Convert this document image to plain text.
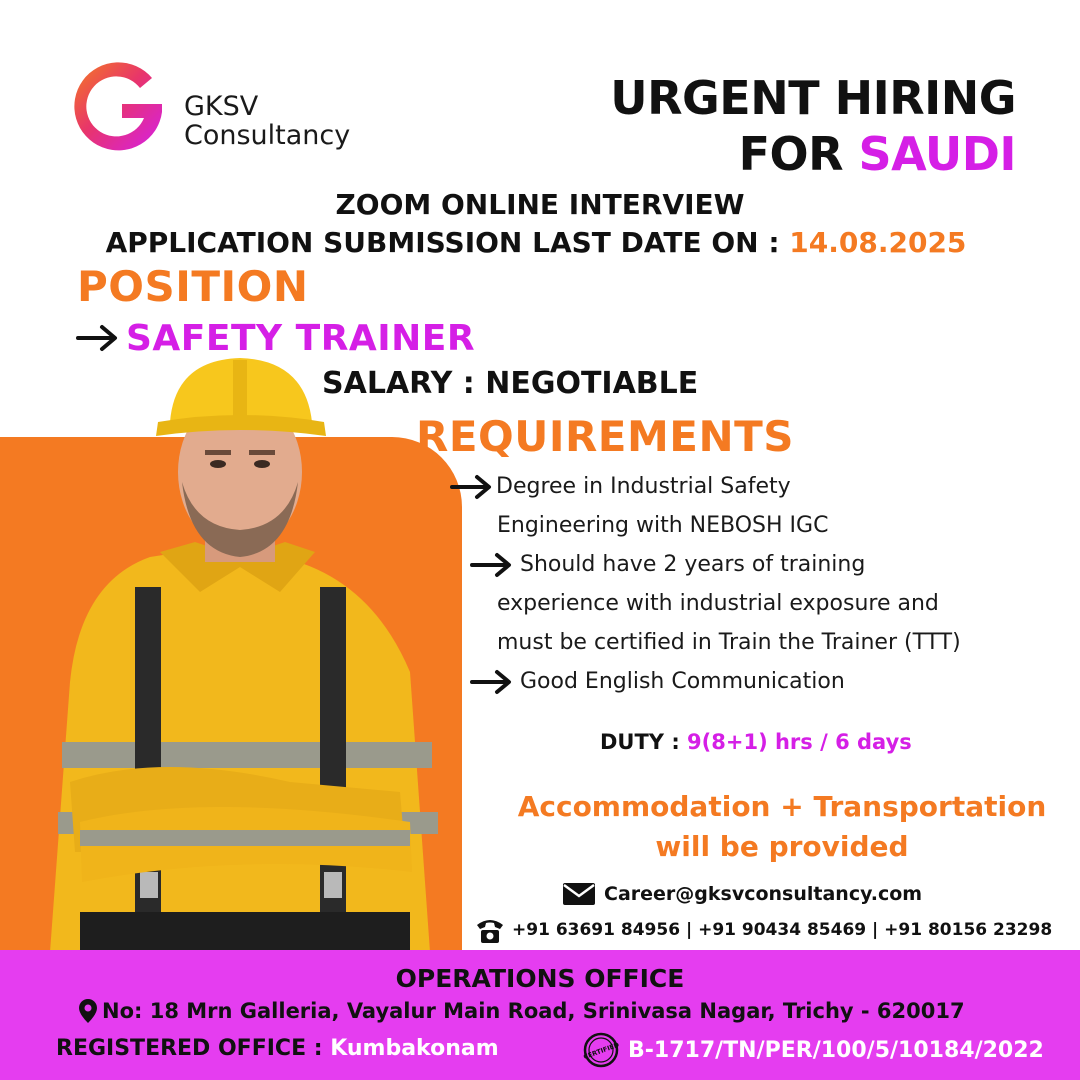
GKSV
Consultancy
URGENT HIRING
FOR SAUDI
ZOOM ONLINE INTERVIEW
APPLICATION SUBMISSION LAST DATE ON : 14.08.2025
POSITION
SAFETY TRAINER
SALARY : NEGOTIABLE
REQUIREMENTS
Degree in Industrial Safety
Engineering with NEBOSH IGC
Should have 2 years of training
experience with industrial exposure and
must be certified in Train the Trainer (TTT)
Good English Communication
DUTY : 9(8+1) hrs / 6 days
Accommodation + Transportation
will be provided
Career@gksvconsultancy.com
+91 63691 84956 | +91 90434 85469 | +91 80156 23298
OPERATIONS OFFICE
No: 18 Mrn Galleria, Vayalur Main Road, Srinivasa Nagar, Trichy - 620017
REGISTERED OFFICE : Kumbakonam	CERTIFIED B-1717/TN/PER/100/5/10184/2022
